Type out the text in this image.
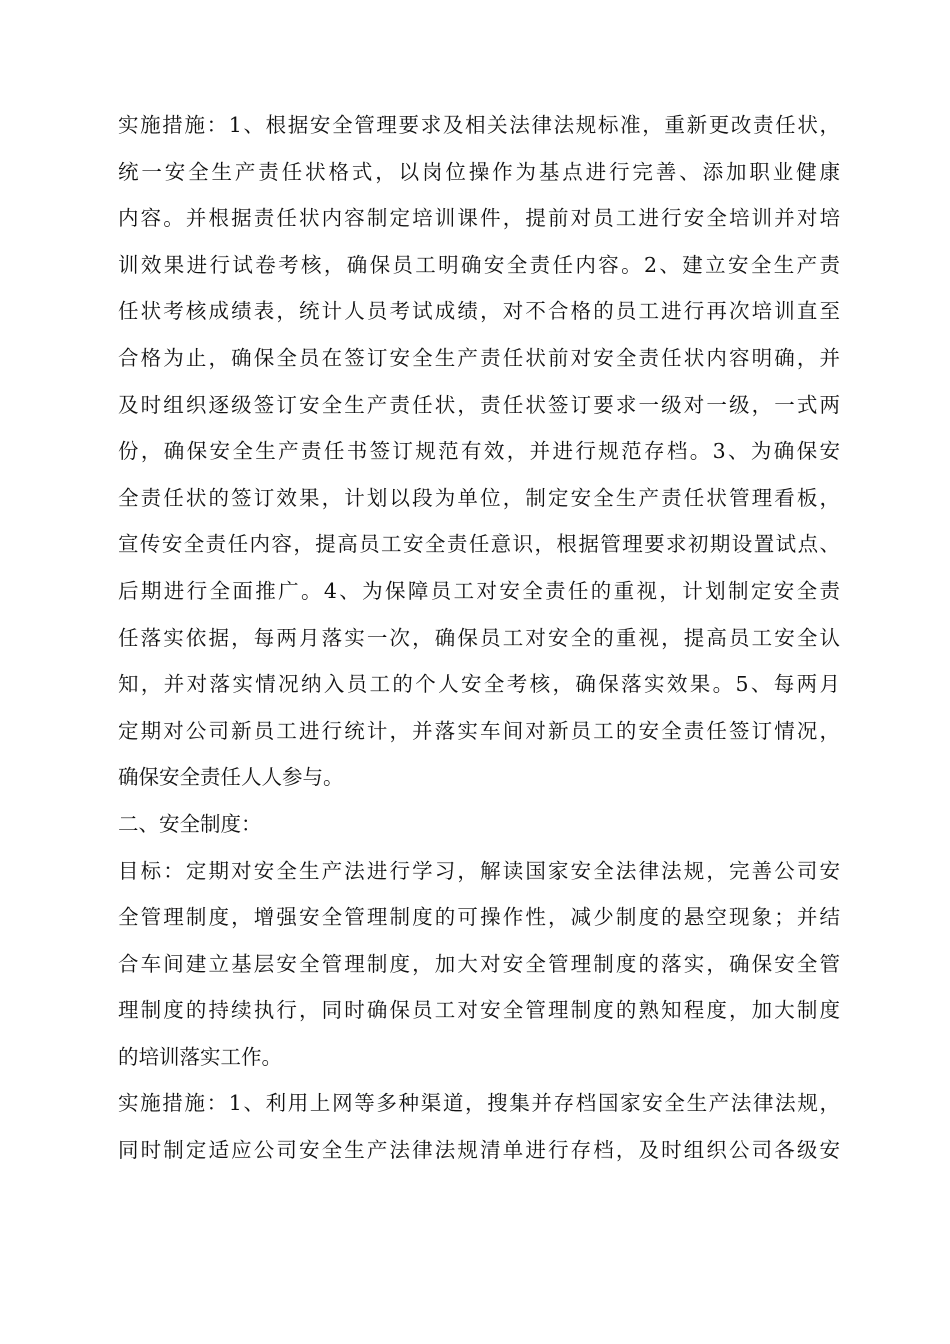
实施措施：1、根据安全管理要求及相关法律法规标准，重新更改责任状，
统一安全生产责任状格式，以岗位操作为基点进行完善、添加职业健康
内容。并根据责任状内容制定培训课件，提前对员工进行安全培训并对培
训效果进行试卷考核，确保员工明确安全责任内容。2、建立安全生产责
任状考核成绩表，统计人员考试成绩，对不合格的员工进行再次培训直至
合格为止，确保全员在签订安全生产责任状前对安全责任状内容明确，并
及时组织逐级签订安全生产责任状，责任状签订要求一级对一级，一式两
份，确保安全生产责任书签订规范有效，并进行规范存档。3、为确保安
全责任状的签订效果，计划以段为单位，制定安全生产责任状管理看板，
宣传安全责任内容，提高员工安全责任意识，根据管理要求初期设置试点、
后期进行全面推广。4、为保障员工对安全责任的重视，计划制定安全责
任落实依据，每两月落实一次，确保员工对安全的重视，提高员工安全认
知，并对落实情况纳入员工的个人安全考核，确保落实效果。5、每两月
定期对公司新员工进行统计，并落实车间对新员工的安全责任签订情况，
确保安全责任人人参与。
二、安全制度：
目标：定期对安全生产法进行学习，解读国家安全法律法规，完善公司安
全管理制度，增强安全管理制度的可操作性，减少制度的悬空现象；并结
合车间建立基层安全管理制度，加大对安全管理制度的落实，确保安全管
理制度的持续执行，同时确保员工对安全管理制度的熟知程度，加大制度
的培训落实工作。
实施措施：1、利用上网等多种渠道，搜集并存档国家安全生产法律法规，
同时制定适应公司安全生产法律法规清单进行存档，及时组织公司各级安
